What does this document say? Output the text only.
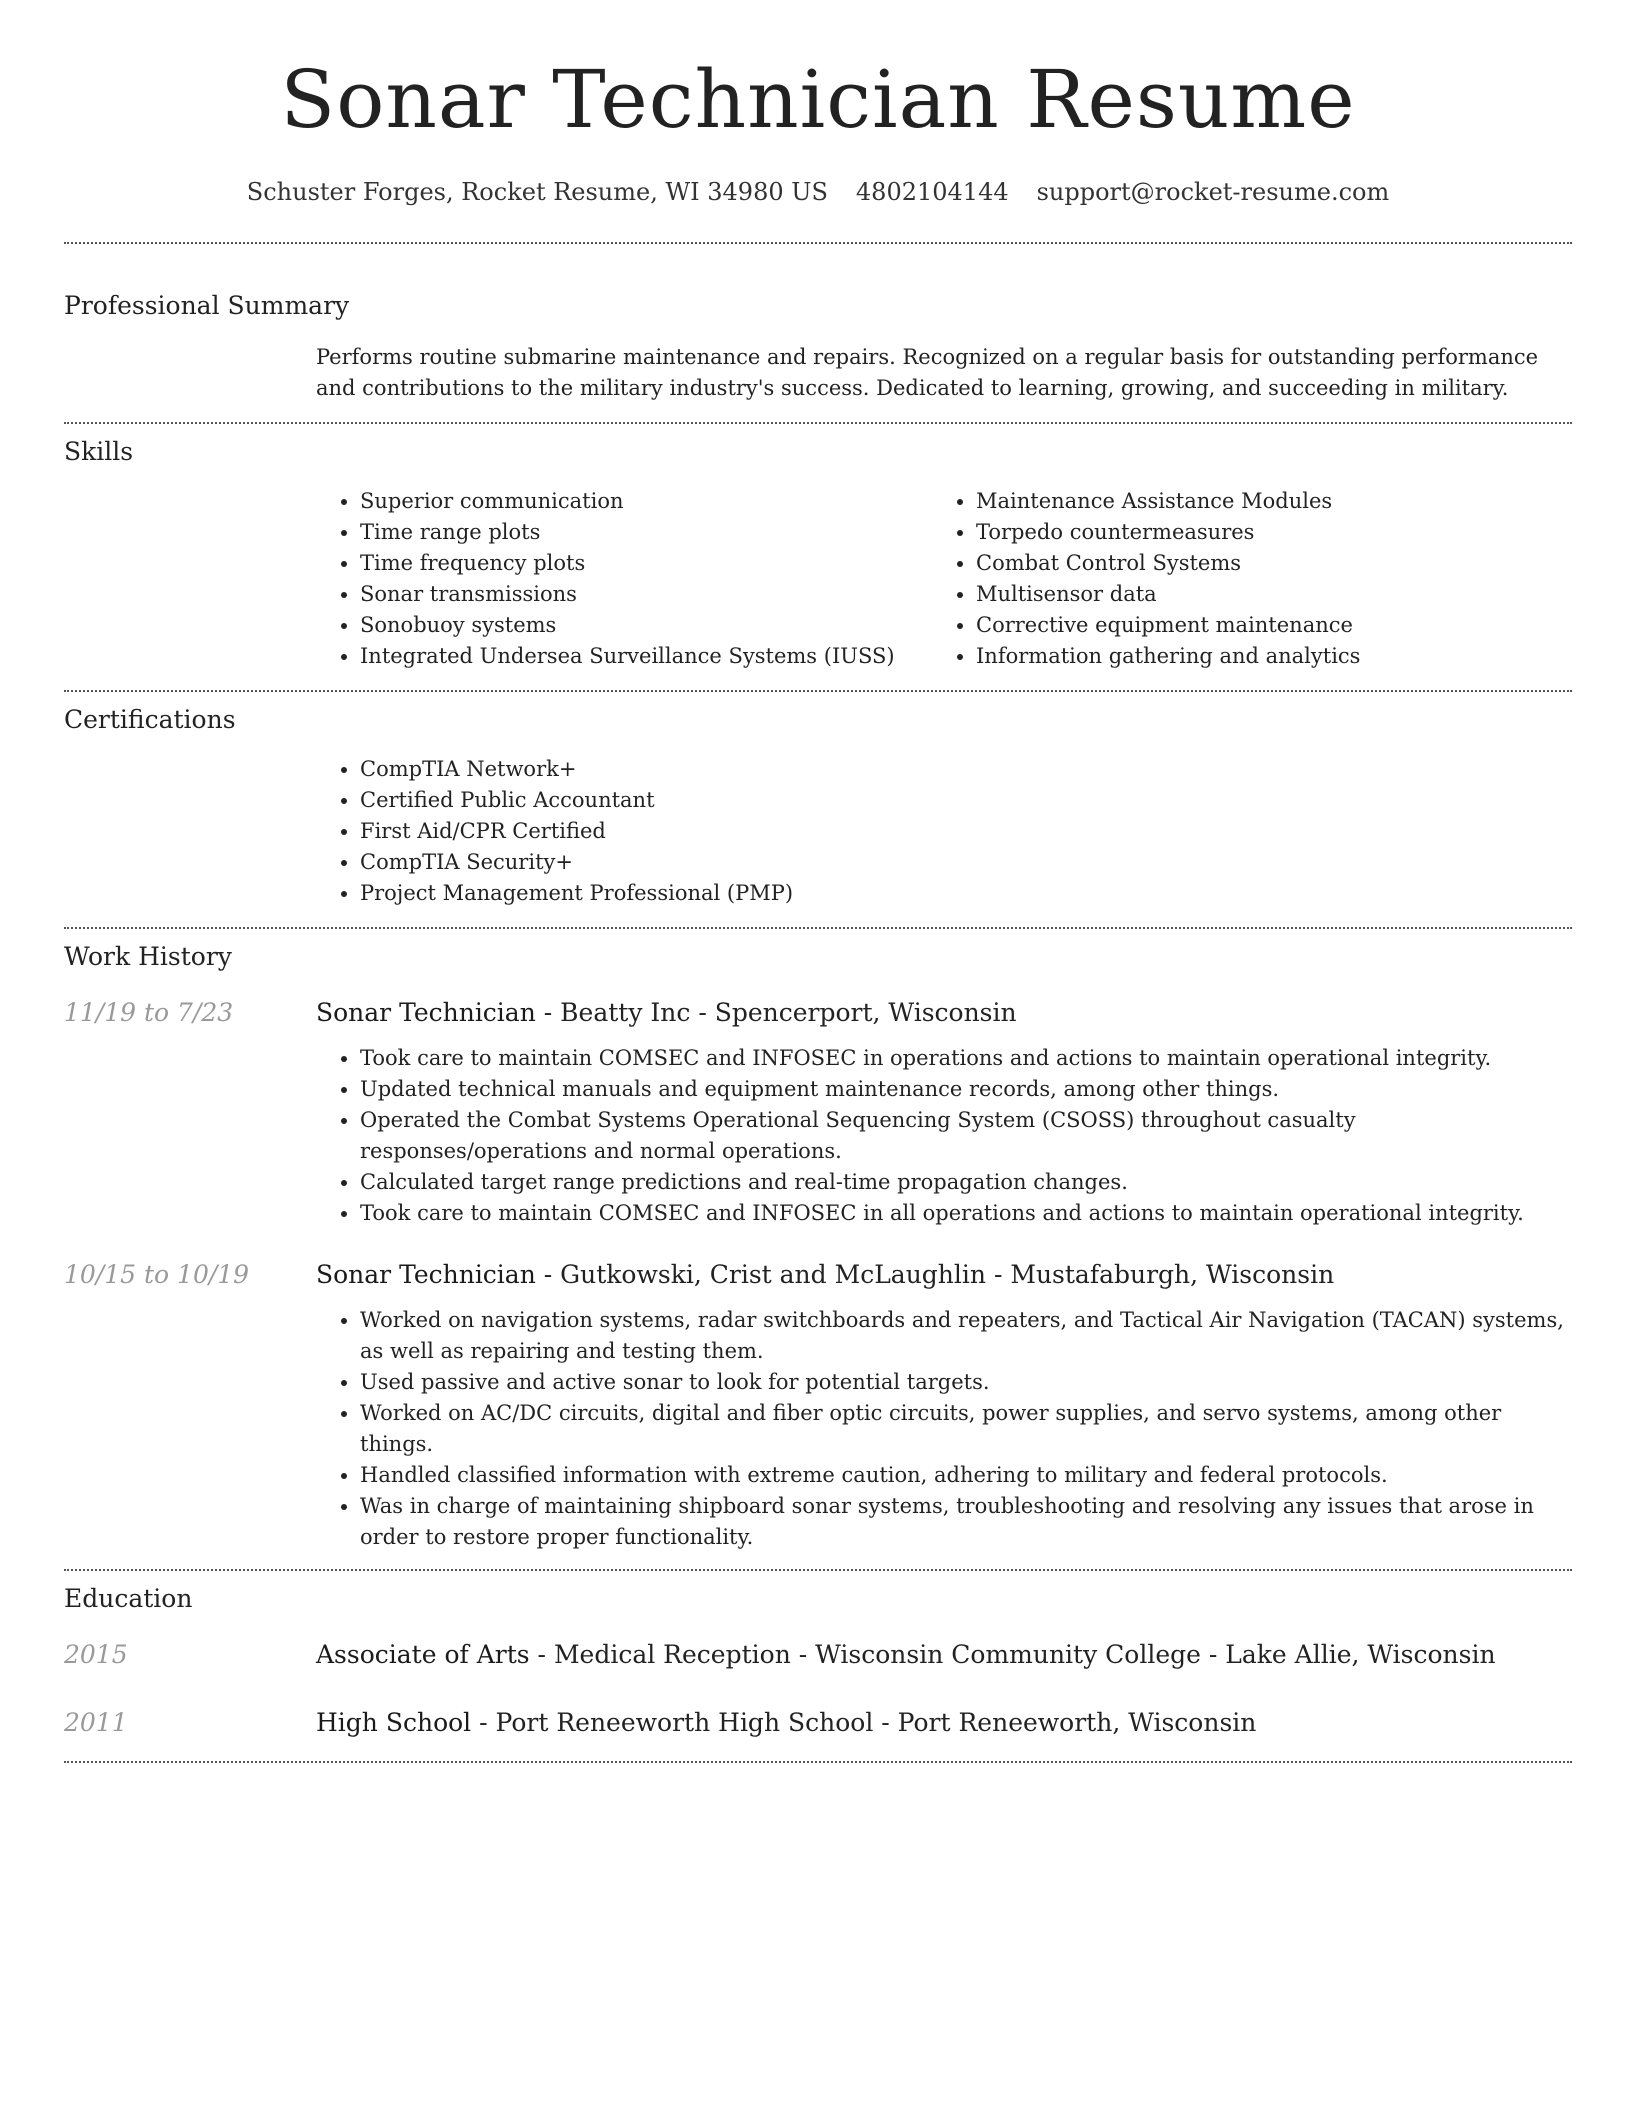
Sonar Technician Resume
Schuster Forges, Rocket Resume, WI 34980 US 4802104144 support@rocket-resume.com
Professional Summary
Performs routine submarine maintenance and repairs. Recognized on a regular basis for outstanding performance and contributions to the military industry's success. Dedicated to learning, growing, and succeeding in military.
Skills
• Superior communication
• Time range plots
• Time frequency plots
• Sonar transmissions
• Sonobuoy systems
• Integrated Undersea Surveillance Systems (IUSS)
• Maintenance Assistance Modules
• Torpedo countermeasures
• Combat Control Systems
• Multisensor data
• Corrective equipment maintenance
• Information gathering and analytics
Certifications
• CompTIA Network+
• Certified Public Accountant
• First Aid/CPR Certified
• CompTIA Security+
• Project Management Professional (PMP)
Work History
11/19 to 7/23	Sonar Technician - Beatty Inc - Spencerport, Wisconsin
• Took care to maintain COMSEC and INFOSEC in operations and actions to maintain operational integrity.
• Updated technical manuals and equipment maintenance records, among other things.
• Operated the Combat Systems Operational Sequencing System (CSOSS) throughout casualty responses/operations and normal operations.
• Calculated target range predictions and real-time propagation changes.
• Took care to maintain COMSEC and INFOSEC in all operations and actions to maintain operational integrity.
10/15 to 10/19	Sonar Technician - Gutkowski, Crist and McLaughlin - Mustafaburgh, Wisconsin
• Worked on navigation systems, radar switchboards and repeaters, and Tactical Air Navigation (TACAN) systems, as well as repairing and testing them.
• Used passive and active sonar to look for potential targets.
• Worked on AC/DC circuits, digital and fiber optic circuits, power supplies, and servo systems, among other things.
• Handled classified information with extreme caution, adhering to military and federal protocols.
• Was in charge of maintaining shipboard sonar systems, troubleshooting and resolving any issues that arose in order to restore proper functionality.
Education
2015	Associate of Arts - Medical Reception - Wisconsin Community College - Lake Allie, Wisconsin
2011	High School - Port Reneeworth High School - Port Reneeworth, Wisconsin
